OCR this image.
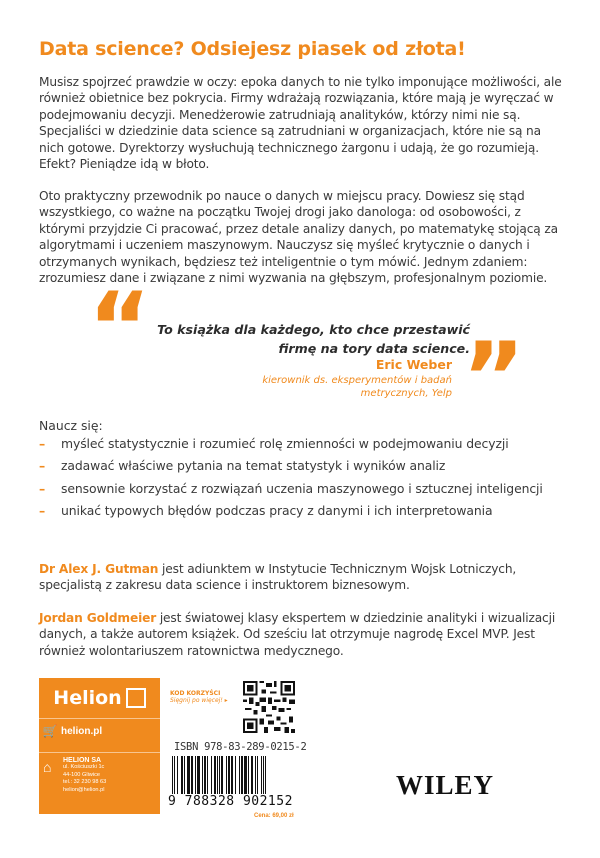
Data science? Odsiejesz piasek od złota!
Musisz spojrzeć prawdzie w oczy: epoka danych to nie tylko imponujące możliwości, ale również obietnice bez pokrycia. Firmy wdrażają rozwiązania, które mają je wyręczać w podejmowaniu decyzji. Menedżerowie zatrudniają analityków, którzy nimi nie są. Specjaliści w dziedzinie data science są zatrudniani w organizacjach, które nie są na nich gotowe. Dyrektorzy wysłuchują technicznego żargonu i udają, że go rozumieją. Efekt? Pieniądze idą w błoto.
Oto praktyczny przewodnik po nauce o danych w miejscu pracy. Dowiesz się stąd wszystkiego, co ważne na początku Twojej drogi jako danologa: od osobowości, z którymi przyjdzie Ci pracować, przez detale analizy danych, po matematykę stojącą za algorytmami i uczeniem maszynowym. Nauczysz się myśleć krytycznie o danych i otrzymanych wynikach, będziesz też inteligentnie o tym mówić. Jednym zdaniem: zrozumiesz dane i związane z nimi wyzwania na głębszym, profesjonalnym poziomie.
“ To książka dla każdego, kto chce przestawić firmę na tory data science.
Eric Weber
kierownik ds. eksperymentów i badań metrycznych, Yelp ”
Naucz się:
– myśleć statystycznie i rozumieć rolę zmienności w podejmowaniu decyzji
– zadawać właściwe pytania na temat statystyk i wyników analiz
– sensownie korzystać z rozwiązań uczenia maszynowego i sztucznej inteligencji
– unikać typowych błędów podczas pracy z danymi i ich interpretowania
Dr Alex J. Gutman jest adiunktem w Instytucie Technicznym Wojsk Lotniczych, specjalistą z zakresu data science i instruktorem biznesowym.
Jordan Goldmeier jest światowej klasy ekspertem w dziedzinie analityki i wizualizacji danych, a także autorem książek. Od sześciu lat otrzymuje nagrodę Excel MVP. Jest również wolontariuszem ratownictwa medycznego.
Helion
🛒 helion.pl
⌂ HELION SA
ul. Kościuszki 1c
44-100 Gliwice
tel.: 32 230 98 63
helion@helion.pl
KOD KORZYŚCI
Sięgnij po więcej! ▸
ISBN 978-83-289-0215-2
9 788328 902152
Cena: 69,00 zł
WILEY
